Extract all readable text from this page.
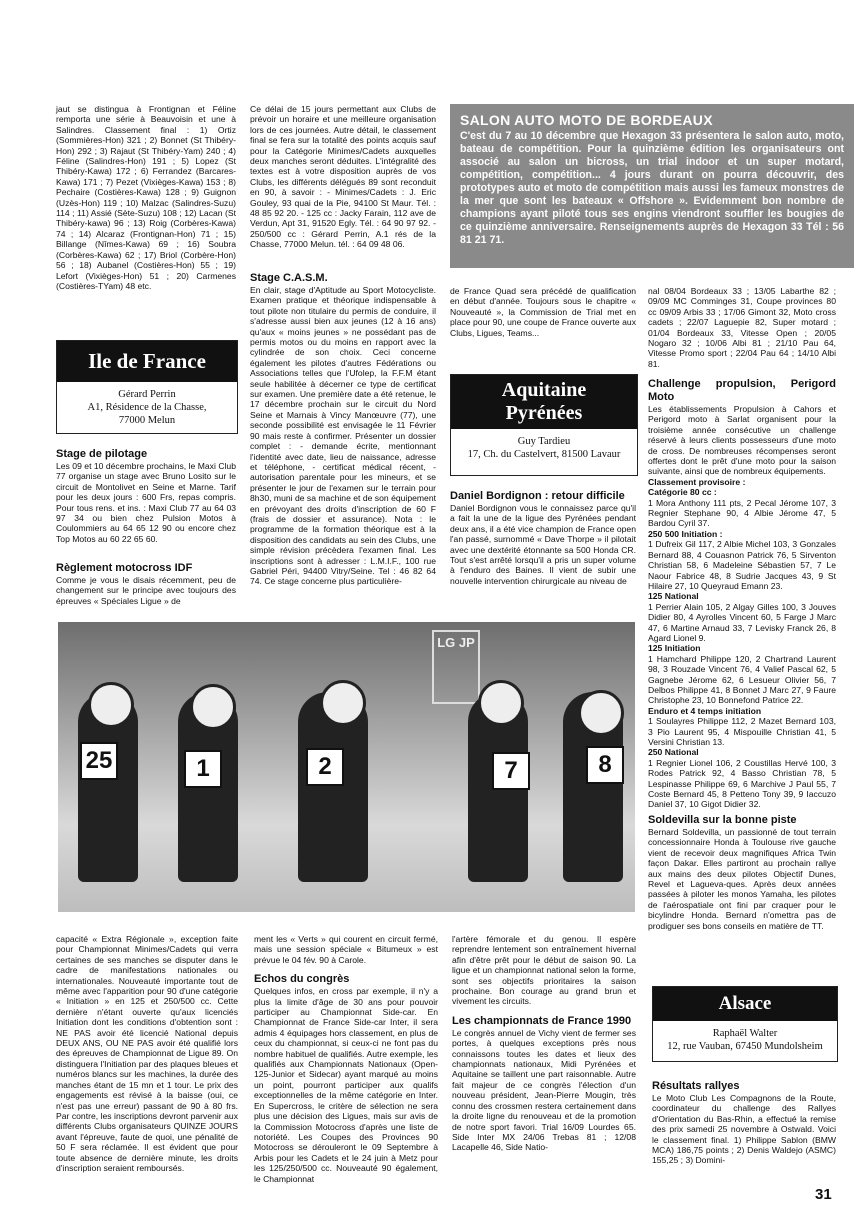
jaut se distingua à Frontignan et Féline remporta une série à Beauvoisin et une à Salindres. Classement final : 1) Ortiz (Sommières-Hon) 321 ; 2) Bonnet (St Thibéry-Hon) 292 ; 3) Rajaut (St Thibéry-Yam) 240 ; 4) Féline (Salindres-Hon) 191 ; 5) Lopez (St Thibéry-Kawa) 172 ; 6) Ferrandez (Barcares-Kawa) 171 ; 7) Pezet (Vixièges-Kawa) 153 ; 8) Pechaire (Costières-Kawa) 128 ; 9) Guignon (Uzès-Hon) 119 ; 10) Malzac (Salindres-Suzu) 114 ; 11) Assié (Sète-Suzu) 108 ; 12) Lacan (St Thibéry-kawa) 96 ; 13) Roig (Corbères-Kawa) 74 ; 14) Alcaraz (Frontignan-Hon) 71 ; 15) Billange (Nîmes-Kawa) 69 ; 16) Soubra (Corbères-Kawa) 62 ; 17) Briol (Corbère-Hon) 56 ; 18) Aubanel (Costières-Hon) 55 ; 19) Lefort (Vixièges-Hon) 51 ; 20) Carmenes (Costières-TYam) 48 etc.

Ile de France
Gérard Perrin
A1, Résidence de la Chasse,
77000 Melun

Stage de pilotage

Les 09 et 10 décembre prochains, le Maxi Club 77 organise un stage avec Bruno Losito sur le circuit de Montolivet en Seine et Marne. Tarif pour les deux jours : 600 Frs, repas compris. Pour tous rens. et ins. : Maxi Club 77 au 64 03 97 34 ou bien chez Pulsion Motos à Coulommiers au 64 65 12 90 ou encore chez Top Motos au 60 22 65 60.

Règlement motocross IDF

Comme je vous le disais récemment, peu de changement sur le principe avec toujours des épreuves « Spéciales Ligue » de

Ce délai de 15 jours permettant aux Clubs de prévoir un horaire et une meilleure organisation lors de ces journées. Autre détail, le classement final se fera sur la totalité des points acquis sauf pour la Catégorie Minimes/Cadets auxquelles deux manches seront déduites. L'intégralité des textes est à votre disposition auprès de vos Clubs, les différents délégués 89 sont reconduit en 90, à savoir : - Minimes/Cadets : J. Eric Gouley, 93 quai de la Pie, 94100 St Maur. Tél. : 48 85 92 20. - 125 cc : Jacky Farain, 112 ave de Verdun, Apt 31, 91520 Egly. Tél. : 64 90 97 92. - 250/500 cc : Gérard Perrin, A.1 rés de la Chasse, 77000 Melun. tél. : 64 09 48 06.

Stage C.A.S.M.

En clair, stage d'Aptitude au Sport Motocycliste. Examen pratique et théorique indispensable à tout pilote non titulaire du permis de conduire, il s'adresse aussi bien aux jeunes (12 à 16 ans) qu'aux « moins jeunes » ne possédant pas de permis motos ou du moins en rapport avec la cylindrée de son choix. Ceci concerne également les pilotes d'autres Fédérations ou Associations telles que l'Ufolep, la F.F.M étant seule habilitée à décerner ce type de certificat sur examen. Une première date a été retenue, le 17 décembre prochain sur le circuit du Nord Seine et Marnais à Vincy Manœuvre (77), une seconde possibilité est envisagée le 11 Février 90 mais reste à confirmer. Présenter un dossier complet : - demande écrite, mentionnant l'identité avec date, lieu de naissance, adresse et téléphone, - certificat médical récent, - autorisation parentale pour les mineurs, et se présenter le jour de l'examen sur le terrain pour 8h30, muni de sa machine et de son équipement en prévoyant des droits d'inscription de 60 F (frais de dossier et assurance). Nota : le programme de la formation théorique est à la disposition des candidats au sein des Clubs, une simple révision précèdera l'examen final. Les inscriptions sont à adresser : L.M.I.F., 100 rue Gabriel Péri, 94400 Vitry/Seine. Tel : 46 82 64 74. Ce stage concerne plus particulière-

SALON AUTO MOTO DE BORDEAUX
C'est du 7 au 10 décembre que Hexagon 33 présentera le salon auto, moto, bateau de compétition. Pour la quinzième édition les organisateurs ont associé au salon un bicross, un trial indoor et un super motard, compétition, compétition... 4 jours durant on pourra découvrir, des prototypes auto et moto de compétition mais aussi les fameux monstres de la mer que sont les bateaux « Offshore ». Evidemment bon nombre de champions ayant piloté tous ses engins viendront souffler les bougies de ce quinzième anniversaire. Renseignements auprès de Hexagon 33 Tél : 56 81 21 71.

de France Quad sera précédé de qualification en début d'année. Toujours sous le chapitre « Nouveauté », la Commission de Trial met en place pour 90, une coupe de France ouverte aux Clubs, Ligues, Teams...

Aquitaine
Pyrénées
Guy Tardieu
17, Ch. du Castelvert, 81500 Lavaur

Daniel Bordignon : retour difficile

Daniel Bordignon vous le connaissez parce qu'il a fait la une de la ligue des Pyrénées pendant deux ans, il a été vice champion de France open l'an passé, surnommé « Dave Thorpe » il pilotait avec une dextérité étonnante sa 500 Honda CR. Tout s'est arrêté lorsqu'il a pris un super volume à l'enduro des Baines. Il vient de subir une nouvelle intervention chirurgicale au niveau de

nal 08/04 Bordeaux 33 ; 13/05 Labarthe 82 ; 09/09 MC Comminges 31, Coupe provinces 80 cc 09/09 Arbis 33 ; 17/06 Gimont 32, Moto cross cadets ; 22/07 Laguepie 82, Super motard ; 01/04 Bordeaux 33, Vitesse Open ; 20/05 Nogaro 32 ; 10/06 Albi 81 ; 21/10 Pau 64, Vitesse Promo sport ; 22/04 Pau 64 ; 14/10 Albi 81.

Challenge propulsion, Perigord Moto

Les établissements Propulsion à Cahors et Perigord moto à Sarlat organisent pour la troisième année consécutive un challenge réservé à leurs clients possesseurs d'une moto de cross. De nombreuses récompenses seront offertes dont le prêt d'une moto pour la saison suivante, ainsi que de nombreux équipements.

Classement provisoire :

Catégorie 80 cc :

1 Mora Anthony 111 pts, 2 Pecal Jérome 107, 3 Regnier Stephane 90, 4 Albie Jérome 47, 5 Bardou Cyril 37.

250 500 Initiation :

1 Dufreix Gil 117, 2 Albie Michel 103, 3 Gonzales Bernard 88, 4 Couasnon Patrick 76, 5 Sirventon Christian 58, 6 Madeleine Sébastien 57, 7 Le Naour Fabrice 48, 8 Sudrie Jacques 43, 9 St Hilaire 27, 10 Queyraud Emann 23.

125 National

1 Perrier Alain 105, 2 Algay Gilles 100, 3 Jouves Didier 80, 4 Ayrolles Vincent 60, 5 Farge J Marc 47, 6 Martine Arnaud 33, 7 Levisky Franck 26, 8 Agard Lionel 9.

125 Initiation

1 Hamchard Philippe 120, 2 Chartrand Laurent 98, 3 Rouzade Vincent 76, 4 Valief Pascal 62, 5 Gagnebe Jérome 62, 6 Lesueur Olivier 56, 7 Delbos Philippe 41, 8 Bonnet J Marc 27, 9 Faure Christophe 23, 10 Bonnefond Patrice 22.

Enduro et 4 temps initiation

1 Soulayres Philippe 112, 2 Mazet Bernard 103, 3 Pio Laurent 95, 4 Mispouille Christian 41, 5 Versini Christian 13.

250 National

1 Regnier Lionel 106, 2 Coustillas Hervé 100, 3 Rodes Patrick 92, 4 Basso Christian 78, 5 Lespinasse Philippe 69, 6 Marchive J Paul 55, 7 Coste Bernard 45, 8 Petteno Tony 39, 9 Iaccuzo Daniel 37, 10 Gigot Didier 32.

Soldevilla sur la bonne piste

Bernard Soldevilla, un passionné de tout terrain concessionnaire Honda à Toulouse rive gauche vient de recevoir deux magnifiques Africa Twin façon Dakar. Elles partiront au prochain rallye aux mains des deux pilotes Objectif Dunes, Revel et Lagueva-ques. Après deux années passées à piloter les monos Yamaha, les pilotes de l'aérospatiale ont fini par craquer pour le bicylindre Honda. Bernard n'omettra pas de prodiguer ses bons conseils en matière de TT.

LG JP
25	1	2	7	8

capacité « Extra Régionale », exception faite pour Championnat Minimes/Cadets qui verra certaines de ses manches se disputer dans le cadre de manifestations nationales ou internationales. Nouveauté importante tout de même avec l'apparition pour 90 d'une catégorie « Initiation » en 125 et 250/500 cc. Cette dernière n'étant ouverte qu'aux licenciés Initiation dont les conditions d'obtention sont : NE PAS avoir été licencié National depuis DEUX ANS, OU NE PAS avoir été qualifié lors des épreuves de Championnat de Ligue 89. On distinguera l'Initiation par des plaques bleues et numéros blancs sur les machines, la durée des manches étant de 15 mn et 1 tour. Le prix des engagements est révisé à la baisse (oui, ce n'est pas une erreur) passant de 90 à 80 frs. Par contre, les inscriptions devront parvenir aux différents Clubs organisateurs QUINZE JOURS avant l'épreuve, faute de quoi, une pénalité de 50 F sera réclamée. Il est évident que pour toute absence de dernière minute, les droits d'inscription seraient remboursés.

ment les « Verts » qui courent en circuit fermé, mais une session spéciale « Bitumeux » est prévue le 04 fév. 90 à Carole.

Echos du congrès

Quelques infos, en cross par exemple, il n'y a plus la limite d'âge de 30 ans pour pouvoir participer au Championnat Side-car. En Championnat de France Side-car Inter, il sera admis 4 équipages hors classement, en plus de ceux du championnat, si ceux-ci ne font pas du nombre habituel de qualifiés. Autre exemple, les qualifiés aux Championnats Nationaux (Open-125-Junior et Sidecar) ayant marqué au moins un point, pourront participer aux qualifs exceptionnelles de la même catégorie en Inter. En Supercross, le critère de sélection ne sera plus une décision des Ligues, mais sur avis de la Commission Motocross d'après une liste de notoriété. Les Coupes des Provinces 90 Motocross se dérouleront le 09 Septembre à Arbis pour les Cadets et le 24 juin à Metz pour les 125/250/500 cc. Nouveauté 90 également, le Championnat

l'artère fémorale et du genou. Il espère reprendre lentement son entraînement hivernal afin d'être prêt pour le début de saison 90. La ligue et un championnat national selon la forme, sont ses objectifs prioritaires la saison prochaine. Bon courage au grand brun et vivement les circuits.

Les championnats de France 1990

Le congrès annuel de Vichy vient de fermer ses portes, à quelques exceptions près nous connaissons toutes les dates et lieux des championnats nationaux, Midi Pyrénées et Aquitaine se taillent une part raisonnable. Autre fait majeur de ce congrès l'élection d'un nouveau président, Jean-Pierre Mougin, très connu des crossmen restera certainement dans la droite ligne du renouveau et de la promotion de notre sport favori. Trial 16/09 Lourdes 65. Side Inter MX 24/06 Trebas 81 ; 12/08 Lacapelle 46, Side Natio-

Alsace
Raphaël Walter
12, rue Vauban, 67450 Mundolsheim

Résultats rallyes

Le Moto Club Les Compagnons de la Route, coordinateur du challenge des Rallyes d'Orientation du Bas-Rhin, a effectué la remise des prix samedi 25 novembre à Ostwald. Voici le classement final. 1) Philippe Sablon (BMW MCA) 186,75 points ; 2) Denis Waldejo (ASMC) 155,25 ; 3) Domini-

31
